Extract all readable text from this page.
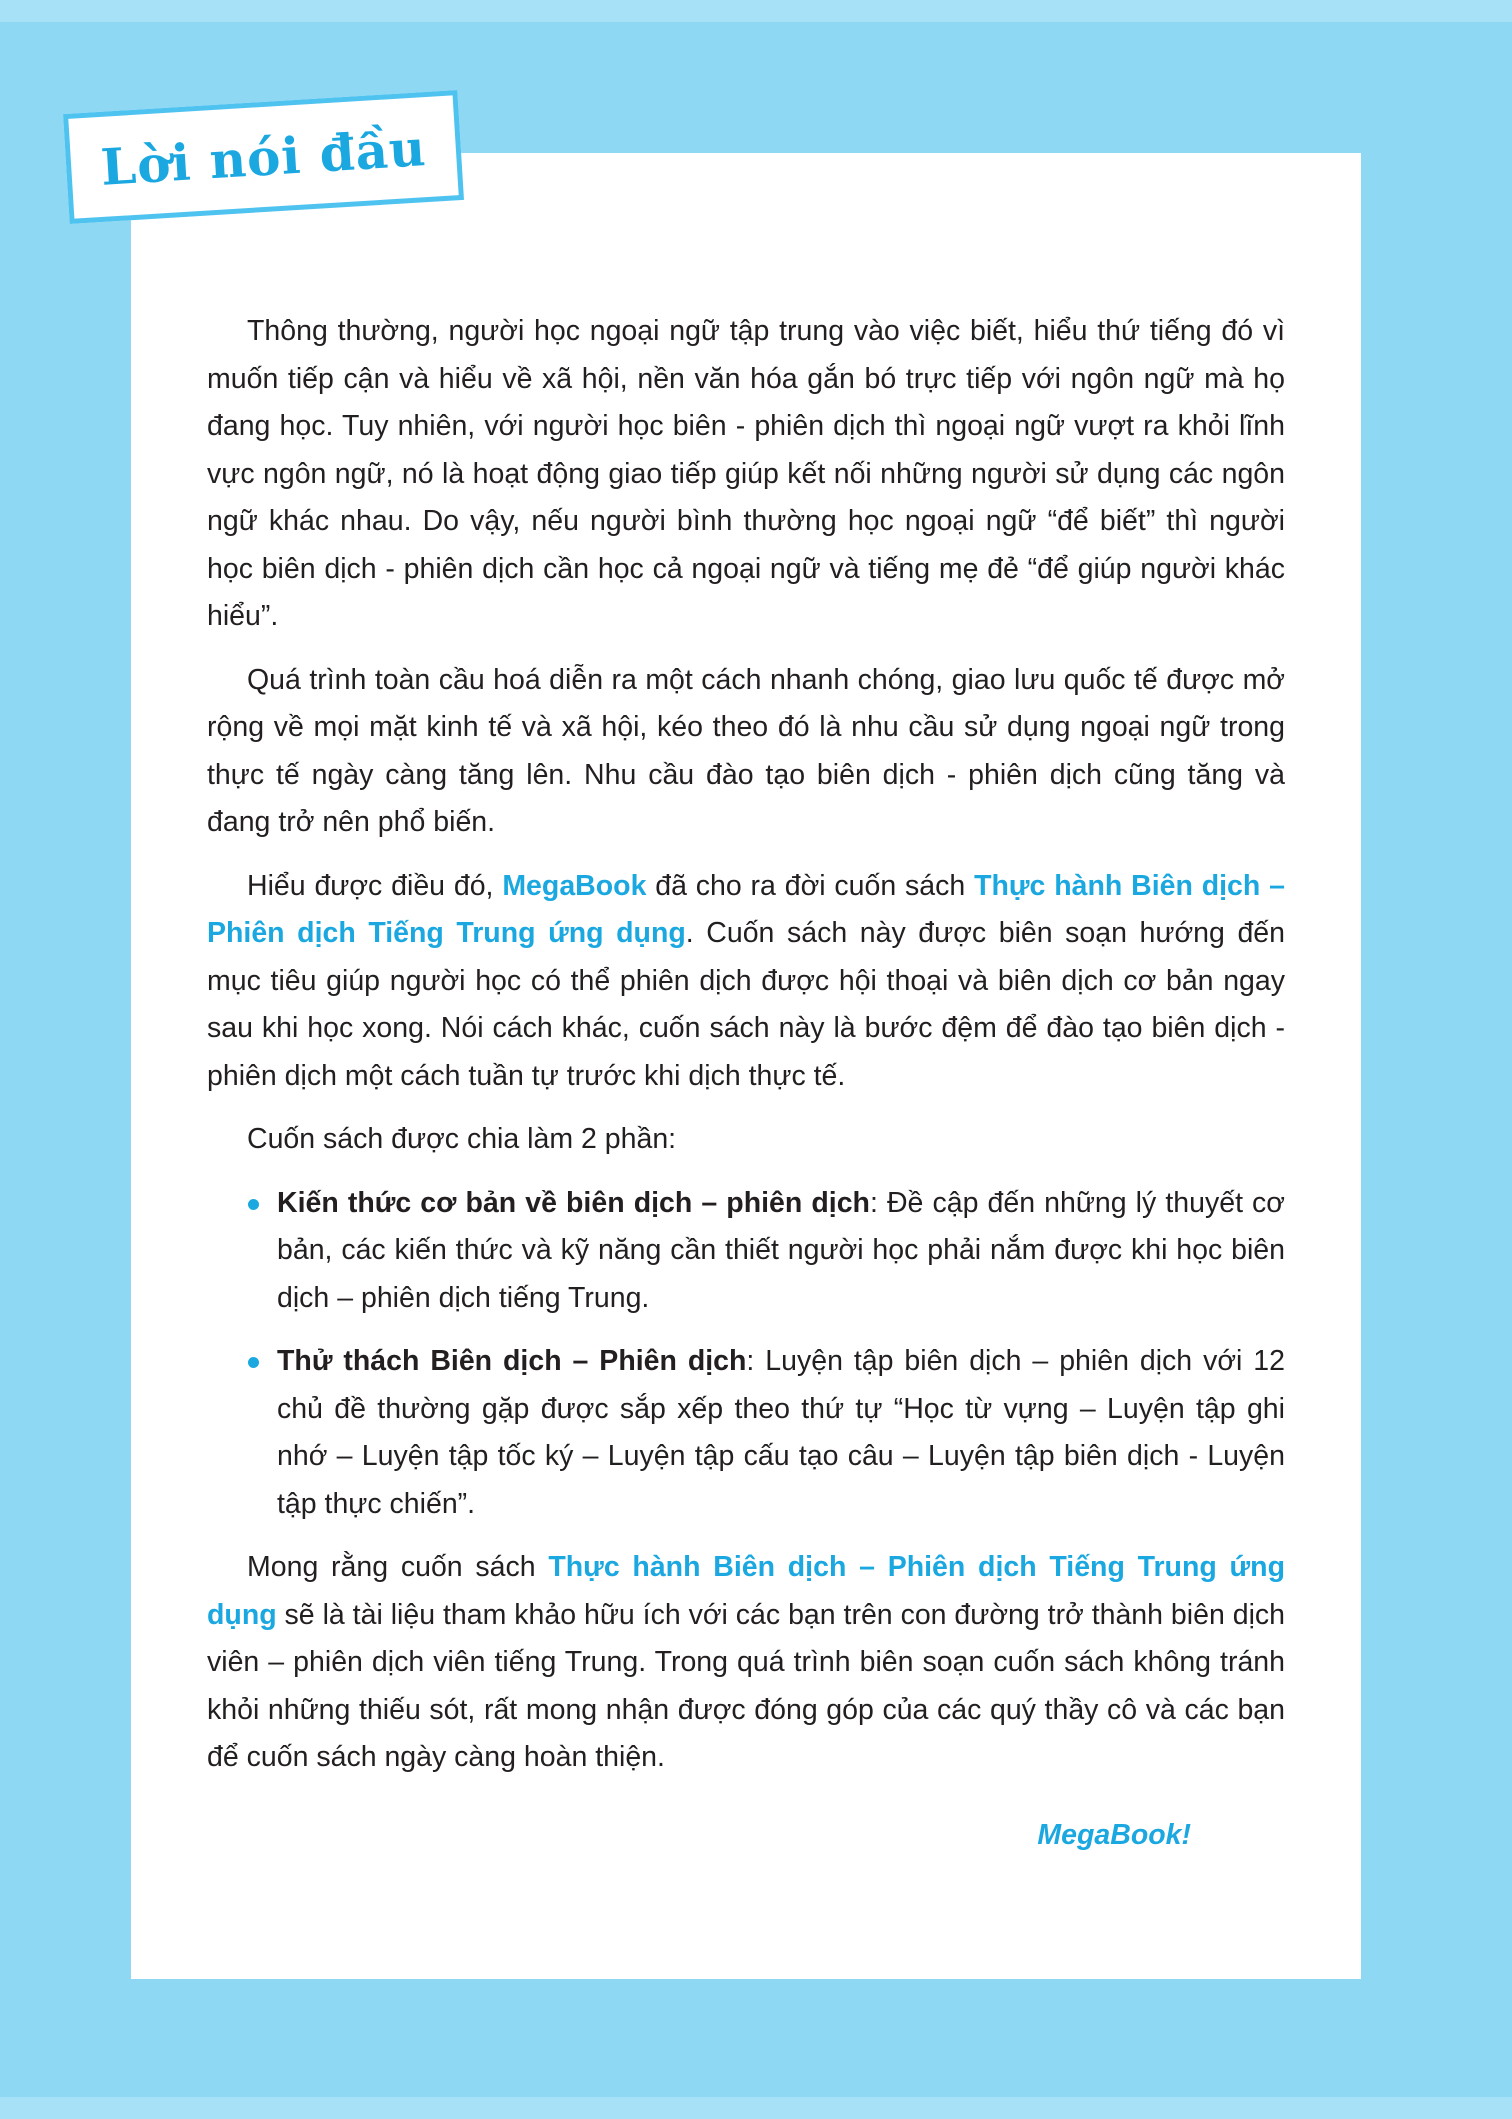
Lời nói đầu

Thông thường, người học ngoại ngữ tập trung vào việc biết, hiểu thứ tiếng đó vì muốn tiếp cận và hiểu về xã hội, nền văn hóa gắn bó trực tiếp với ngôn ngữ mà họ đang học. Tuy nhiên, với người học biên - phiên dịch thì ngoại ngữ vượt ra khỏi lĩnh vực ngôn ngữ, nó là hoạt động giao tiếp giúp kết nối những người sử dụng các ngôn ngữ khác nhau. Do vậy, nếu người bình thường học ngoại ngữ “để biết” thì người học biên dịch - phiên dịch cần học cả ngoại ngữ và tiếng mẹ đẻ “để giúp người khác hiểu”.

Quá trình toàn cầu hoá diễn ra một cách nhanh chóng, giao lưu quốc tế được mở rộng về mọi mặt kinh tế và xã hội, kéo theo đó là nhu cầu sử dụng ngoại ngữ trong thực tế ngày càng tăng lên. Nhu cầu đào tạo biên dịch - phiên dịch cũng tăng và đang trở nên phổ biến.

Hiểu được điều đó, MegaBook đã cho ra đời cuốn sách Thực hành Biên dịch – Phiên dịch Tiếng Trung ứng dụng. Cuốn sách này được biên soạn hướng đến mục tiêu giúp người học có thể phiên dịch được hội thoại và biên dịch cơ bản ngay sau khi học xong. Nói cách khác, cuốn sách này là bước đệm để đào tạo biên dịch - phiên dịch một cách tuần tự trước khi dịch thực tế.

Cuốn sách được chia làm 2 phần:

Kiến thức cơ bản về biên dịch – phiên dịch: Đề cập đến những lý thuyết cơ bản, các kiến thức và kỹ năng cần thiết người học phải nắm được khi học biên dịch – phiên dịch tiếng Trung.
Thử thách Biên dịch – Phiên dịch: Luyện tập biên dịch – phiên dịch với 12 chủ đề thường gặp được sắp xếp theo thứ tự “Học từ vựng – Luyện tập ghi nhớ – Luyện tập tốc ký – Luyện tập cấu tạo câu – Luyện tập biên dịch - Luyện tập thực chiến”.

Mong rằng cuốn sách Thực hành Biên dịch – Phiên dịch Tiếng Trung ứng dụng sẽ là tài liệu tham khảo hữu ích với các bạn trên con đường trở thành biên dịch viên – phiên dịch viên tiếng Trung. Trong quá trình biên soạn cuốn sách không tránh khỏi những thiếu sót, rất mong nhận được đóng góp của các quý thầy cô và các bạn để cuốn sách ngày càng hoàn thiện.

MegaBook!
